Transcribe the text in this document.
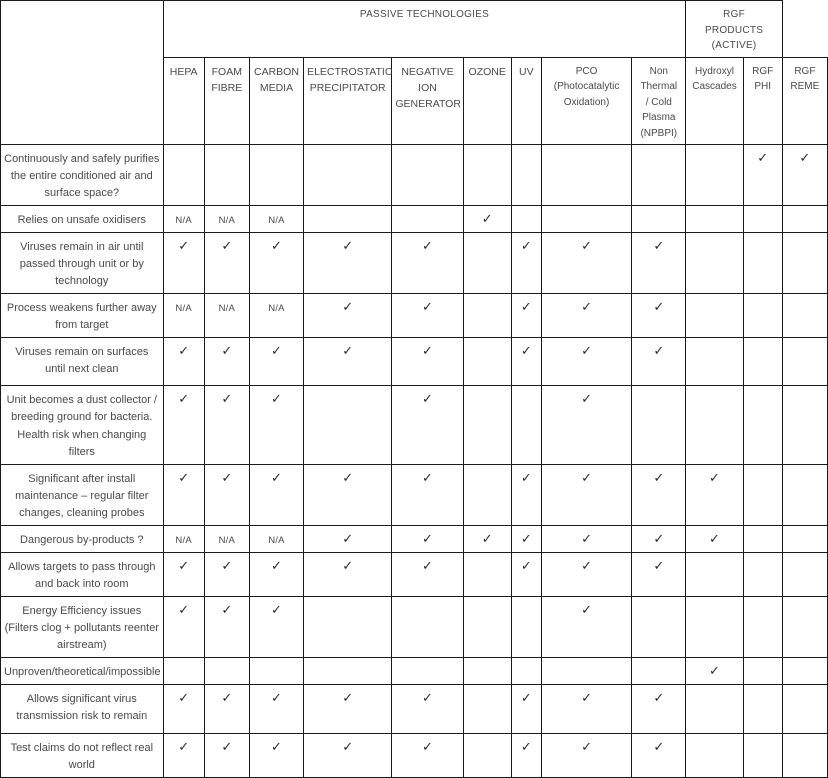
	PASSIVE TECHNOLOGIES									RGF
PRODUCTS
(ACTIVE)		
	HEPA	FOAM
FIBRE	CARBON
MEDIA	ELECTROSTATIC
PRECIPITATOR	NEGATIVE
ION
GENERATOR	OZONE	UV	PCO
(Photocatalytic
Oxidation)	Non
Thermal
/ Cold
Plasma
(NPBPI)	Hydroxyl
Cascades	RGF
PHI	RGF
REME
Continuously and safely purifies the entire conditioned air and surface space?											✓	✓
Relies on unsafe oxidisers	N/A	N/A	N/A			✓						
Viruses remain in air until passed through unit or by technology	✓	✓	✓	✓	✓		✓	✓	✓			
Process weakens further away from target	N/A	N/A	N/A	✓	✓		✓	✓	✓			
Viruses remain on surfaces until next clean	✓	✓	✓	✓	✓		✓	✓	✓			
Unit becomes a dust collector / breeding ground for bacteria. Health risk when changing filters	✓	✓	✓		✓			✓				
Significant after install maintenance – regular filter changes, cleaning probes	✓	✓	✓	✓	✓		✓	✓	✓	✓		
Dangerous by-products ?	N/A	N/A	N/A	✓	✓	✓	✓	✓	✓	✓		
Allows targets to pass through and back into room	✓	✓	✓	✓	✓		✓	✓	✓			
Energy Efficiency issues (Filters clog + pollutants reenter airstream)	✓	✓	✓					✓				
Unproven/theoretical/impossible										✓		
Allows significant virus transmission risk to remain	✓	✓	✓	✓	✓		✓	✓	✓			
Test claims do not reflect real world	✓	✓	✓	✓	✓		✓	✓	✓			
